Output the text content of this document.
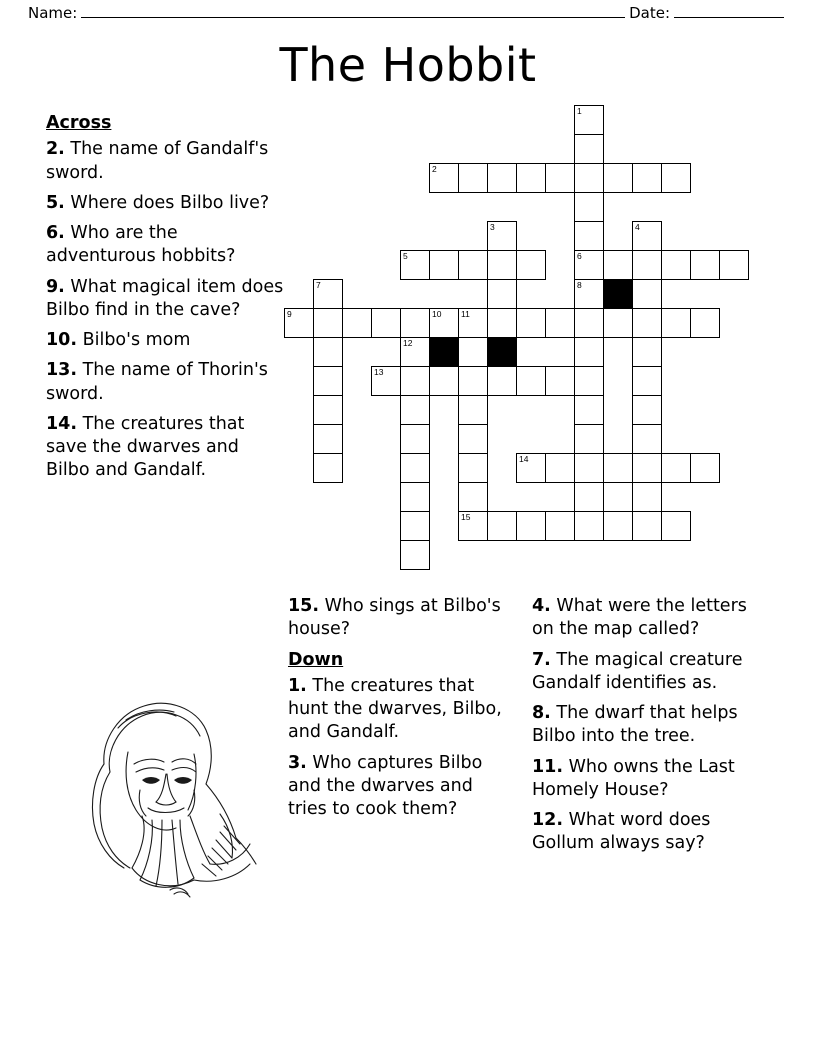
Name:	Date:
The Hobbit
Across
2. The name of Gandalf's sword.
5. Where does Bilbo live?
6. Who are the adventurous hobbits?
9. What magical item does Bilbo find in the cave?
10. Bilbo's mom
13. The name of Thorin's sword.
14. The creatures that save the dwarves and Bilbo and Gandalf.
15. Who sings at Bilbo's house?
Down
1. The creatures that hunt the dwarves, Bilbo, and Gandalf.
3. Who captures Bilbo and the dwarves and tries to cook them?
4. What were the letters on the map called?
7. The magical creature Gandalf identifies as.
8. The dwarf that helps Bilbo into the tree.
11. Who owns the Last Homely House?
12. What word does Gollum always say?
1
2
3	4
5	6
7	8
9	10 11
12
13
14
15
